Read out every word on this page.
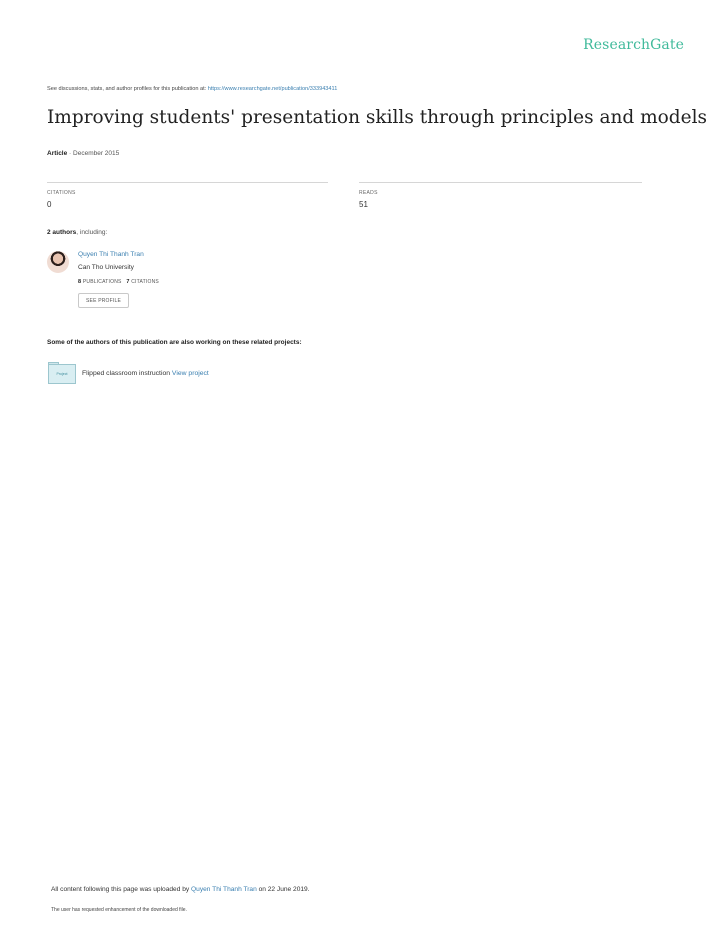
ResearchGate
See discussions, stats, and author profiles for this publication at: https://www.researchgate.net/publication/333943411
Improving students' presentation skills through principles and models
Article · December 2015
CITATIONS
0
READS
51
2 authors, including:
Quyen Thi Thanh Tran
Can Tho University
8 PUBLICATIONS 7 CITATIONS
SEE PROFILE
Some of the authors of this publication are also working on these related projects:
Project	Flipped classroom instruction View project
All content following this page was uploaded by Quyen Thi Thanh Tran on 22 June 2019.
The user has requested enhancement of the downloaded file.
